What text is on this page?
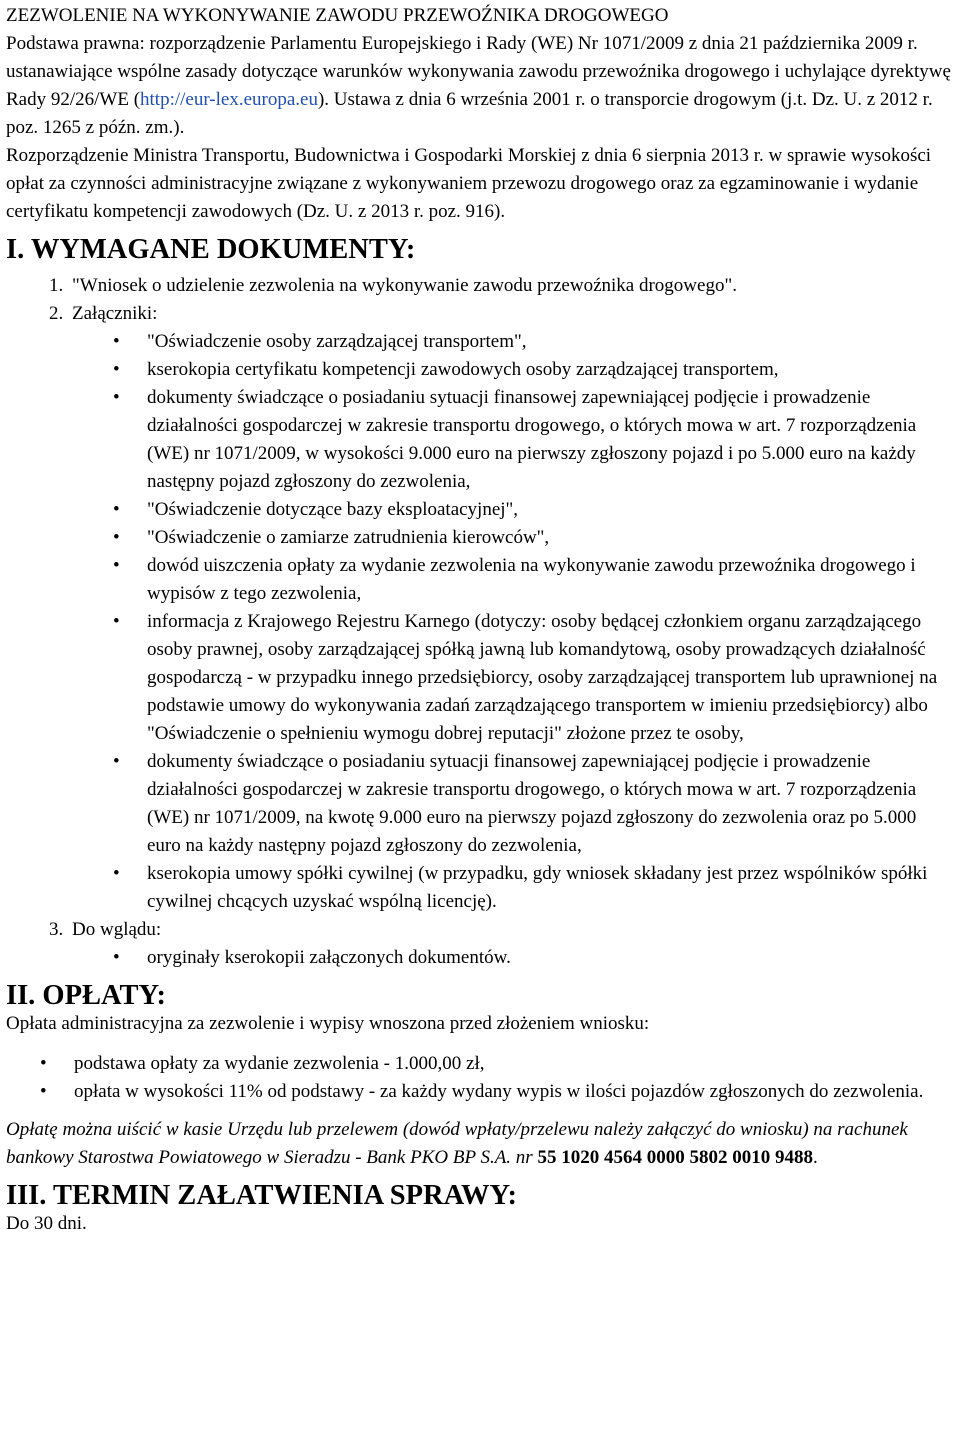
ZEZWOLENIE NA WYKONYWANIE ZAWODU PRZEWOŹNIKA DROGOWEGO

Podstawa prawna: rozporządzenie Parlamentu Europejskiego i Rady (WE) Nr 1071/2009 z dnia 21 października 2009 r. ustanawiające wspólne zasady dotyczące warunków wykonywania zawodu przewoźnika drogowego i uchylające dyrektywę Rady 92/26/WE (http://eur-lex.europa.eu). Ustawa z dnia 6 września 2001 r. o transporcie drogowym (j.t. Dz. U. z 2012 r. poz. 1265 z późn. zm.).

Rozporządzenie Ministra Transportu, Budownictwa i Gospodarki Morskiej z dnia 6 sierpnia 2013 r. w sprawie wysokości opłat za czynności administracyjne związane z wykonywaniem przewozu drogowego oraz za egzaminowanie i wydanie certyfikatu kompetencji zawodowych (Dz. U. z 2013 r. poz. 916).

I. WYMAGANE DOKUMENTY:
1. "Wniosek o udzielenie zezwolenia na wykonywanie zawodu przewoźnika drogowego".
2. Załączniki:
• "Oświadczenie osoby zarządzającej transportem",
• kserokopia certyfikatu kompetencji zawodowych osoby zarządzającej transportem,
• dokumenty świadczące o posiadaniu sytuacji finansowej zapewniającej podjęcie i prowadzenie działalności gospodarczej w zakresie transportu drogowego, o których mowa w art. 7 rozporządzenia (WE) nr 1071/2009, w wysokości 9.000 euro na pierwszy zgłoszony pojazd i po 5.000 euro na każdy następny pojazd zgłoszony do zezwolenia,
• "Oświadczenie dotyczące bazy eksploatacyjnej",
• "Oświadczenie o zamiarze zatrudnienia kierowców",
• dowód uiszczenia opłaty za wydanie zezwolenia na wykonywanie zawodu przewoźnika drogowego i wypisów z tego zezwolenia,
• informacja z Krajowego Rejestru Karnego (dotyczy: osoby będącej członkiem organu zarządzającego osoby prawnej, osoby zarządzającej spółką jawną lub komandytową, osoby prowadzących działalność gospodarczą - w przypadku innego przedsiębiorcy, osoby zarządzającej transportem lub uprawnionej na podstawie umowy do wykonywania zadań zarządzającego transportem w imieniu przedsiębiorcy) albo "Oświadczenie o spełnieniu wymogu dobrej reputacji" złożone przez te osoby,
• dokumenty świadczące o posiadaniu sytuacji finansowej zapewniającej podjęcie i prowadzenie działalności gospodarczej w zakresie transportu drogowego, o których mowa w art. 7 rozporządzenia (WE) nr 1071/2009, na kwotę 9.000 euro na pierwszy pojazd zgłoszony do zezwolenia oraz po 5.000 euro na każdy następny pojazd zgłoszony do zezwolenia,
• kserokopia umowy spółki cywilnej (w przypadku, gdy wniosek składany jest przez wspólników spółki cywilnej chcących uzyskać wspólną licencję).
3. Do wglądu:
• oryginały kserokopii załączonych dokumentów.
II. OPŁATY:

Opłata administracyjna za zezwolenie i wypisy wnoszona przed złożeniem wniosku:

• podstawa opłaty za wydanie zezwolenia - 1.000,00 zł,
• opłata w wysokości 11% od podstawy - za każdy wydany wypis w ilości pojazdów zgłoszonych do zezwolenia.

Opłatę można uiścić w kasie Urzędu lub przelewem (dowód wpłaty/przelewu należy załączyć do wniosku) na rachunek bankowy Starostwa Powiatowego w Sieradzu - Bank PKO BP S.A. nr 55 1020 4564 0000 5802 0010 9488.

III. TERMIN ZAŁATWIENIA SPRAWY:

Do 30 dni.
